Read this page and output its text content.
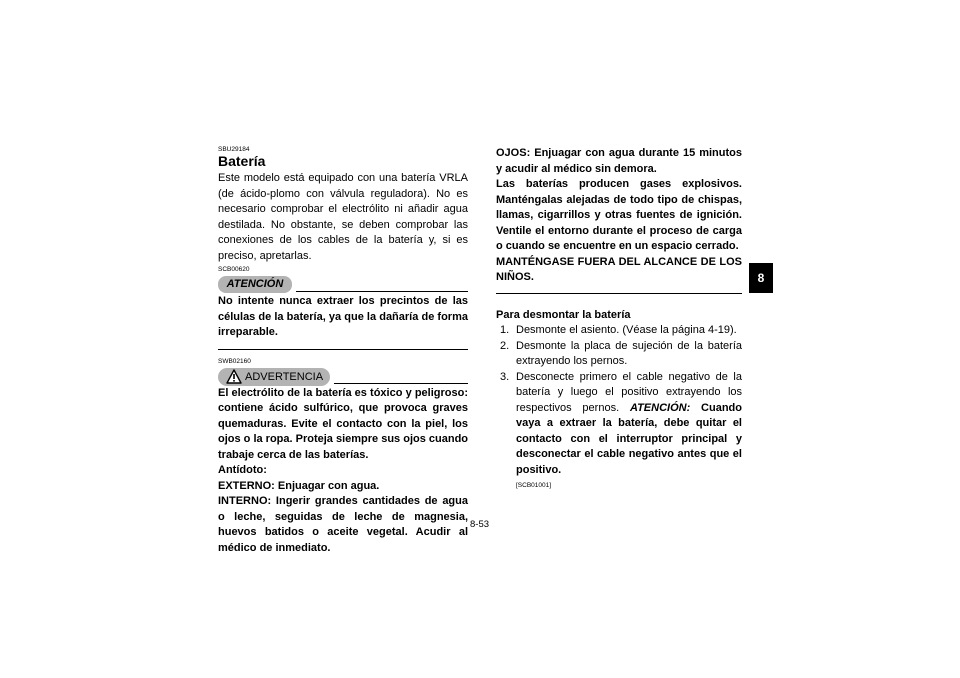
SBU29184
Batería

Este modelo está equipado con una batería VRLA (de ácido-plomo con válvula reguladora). No es necesario comprobar el electrólito ni añadir agua destilada. No obstante, se deben comprobar las conexiones de los cables de la batería y, si es preciso, apretarlas.

SCB00620
ATENCIÓN

No intente nunca extraer los precintos de las células de la batería, ya que la dañaría de forma irreparable.

SWB02160
ADVERTENCIA

El electrólito de la batería es tóxico y peligroso: contiene ácido sulfúrico, que provoca graves quemaduras. Evite el contacto con la piel, los ojos o la ropa. Proteja siempre sus ojos cuando trabaje cerca de las baterías.

Antídoto:

EXTERNO: Enjuagar con agua.

INTERNO: Ingerir grandes cantidades de agua o leche, seguidas de leche de magnesia, huevos batidos o aceite vegetal. Acudir al médico de inmediato.

OJOS: Enjuagar con agua durante 15 minutos y acudir al médico sin demora.

Las baterías producen gases explosivos. Manténgalas alejadas de todo tipo de chispas, llamas, cigarrillos y otras fuentes de ignición. Ventile el entorno durante el proceso de carga o cuando se encuentre en un espacio cerrado.

MANTÉNGASE FUERA DEL ALCANCE DE LOS NIÑOS.

Para desmontar la batería

1. Desmonte el asiento. (Véase la página 4-19).
2. Desmonte la placa de sujeción de la batería extrayendo los pernos.
3. Desconecte primero el cable negativo de la batería y luego el positivo extrayendo los respectivos pernos. ATENCIÓN: Cuando vaya a extraer la batería, debe quitar el contacto con el interruptor principal y desconectar el cable negativo antes que el positivo.
[SCB01001]
8-53
8
